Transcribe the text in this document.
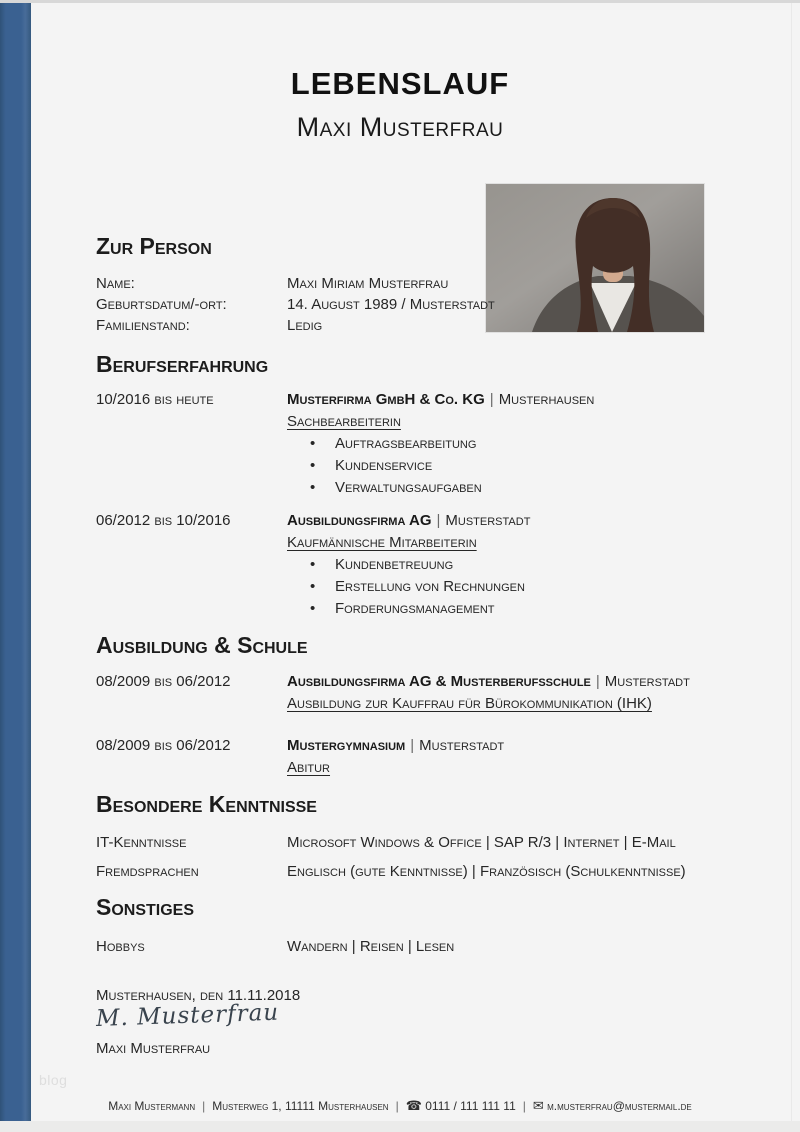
LEBENSLAUF
Maxi Musterfrau
Zur Person
Name:	Maxi Miriam Musterfrau
Geburtsdatum/-ort:	14. August 1989 / Musterstadt
Familienstand:	Ledig
Berufserfahrung
10/2016 bis heute	Musterfirma GmbH & Co. KG | Musterhausen
Sachbearbeiterin
• Auftragsbearbeitung
• Kundenservice
• Verwaltungsaufgaben
06/2012 bis 10/2016	Ausbildungsfirma AG | Musterstadt
Kaufmännische Mitarbeiterin
• Kundenbetreuung
• Erstellung von Rechnungen
• Forderungsmanagement
Ausbildung & Schule
08/2009 bis 06/2012	Ausbildungsfirma AG & Musterberufsschule | Musterstadt
Ausbildung zur Kauffrau für Bürokommunikation (IHK)
08/2009 bis 06/2012	Mustergymnasium | Musterstadt
Abitur
Besondere Kenntnisse
IT-Kenntnisse	Microsoft Windows & Office | SAP R/3 | Internet | E-Mail
Fremdsprachen	Englisch (gute Kenntnisse) | Französisch (Schulkenntnisse)
Sonstiges
Hobbys	Wandern | Reisen | Lesen
Musterhausen, den 11.11.2018
M. Musterfrau
Maxi Musterfrau
Maxi Mustermann | Musterweg 1, 11111 Musterhausen | ☎ 0111 / 111 111 11 | ✉ m.musterfrau@mustermail.de
blog
